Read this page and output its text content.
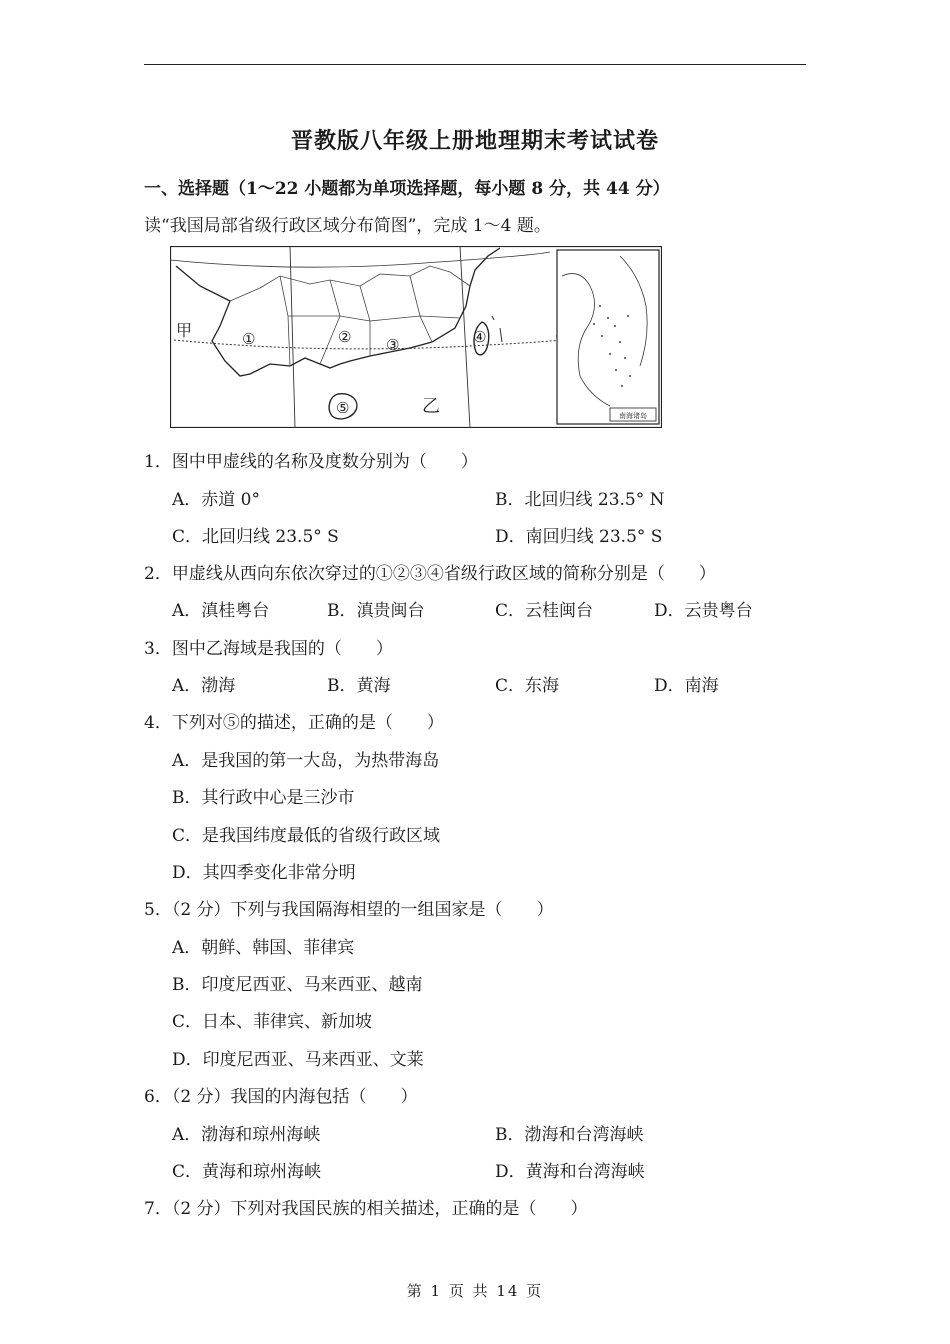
晋教版八年级上册地理期末考试试卷
一、选择题（1～22 小题都为单项选择题，每小题 8 分，共 44 分）
读“我国局部省级行政区域分布简图”，完成 1～4 题。
甲
乙
①	② ③	④
⑤	南海诸岛
1．图中甲虚线的名称及度数分别为（　　）
A．赤道 0°	B．北回归线 23.5° N
C．北回归线 23.5° S	D．南回归线 23.5° S
2．甲虚线从西向东依次穿过的①②③④省级行政区域的简称分别是（　　）
A．滇桂粤台	B．滇贵闽台	C．云桂闽台	D．云贵粤台
3．图中乙海域是我国的（　　）
A．渤海	B．黄海	C．东海	D．南海
4．下列对⑤的描述，正确的是（　　）
A．是我国的第一大岛，为热带海岛
B．其行政中心是三沙市
C．是我国纬度最低的省级行政区域
D．其四季变化非常分明
5．（2 分）下列与我国隔海相望的一组国家是（　　）
A．朝鲜、韩国、菲律宾
B．印度尼西亚、马来西亚、越南
C．日本、菲律宾、新加坡
D．印度尼西亚、马来西亚、文莱
6．（2 分）我国的内海包括（　　）
A．渤海和琼州海峡	B．渤海和台湾海峡
C．黄海和琼州海峡	D．黄海和台湾海峡
7．（2 分）下列对我国民族的相关描述，正确的是（　　）
第 1 页 共 14 页
